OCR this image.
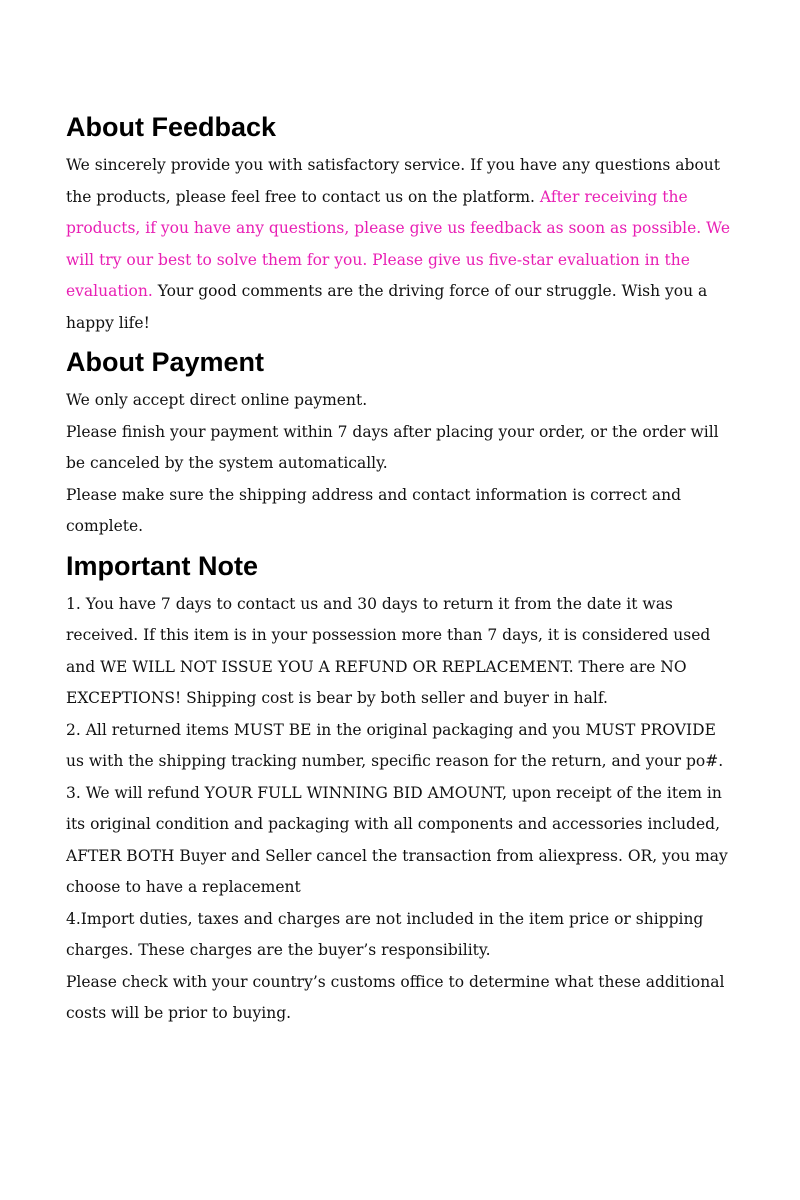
About Feedback

We sincerely provide you with satisfactory service. If you have any questions about the products, please feel free to contact us on the platform. After receiving the products, if you have any questions, please give us feedback as soon as possible. We will try our best to solve them for you. Please give us five-star evaluation in the evaluation. Your good comments are the driving force of our struggle. Wish you a happy life!

About Payment

We only accept direct online payment.

Please finish your payment within 7 days after placing your order, or the order will be canceled by the system automatically.

Please make sure the shipping address and contact information is correct and complete.

Important Note

1. You have 7 days to contact us and 30 days to return it from the date it was received. If this item is in your possession more than 7 days, it is considered used and WE WILL NOT ISSUE YOU A REFUND OR REPLACEMENT. There are NO EXCEPTIONS! Shipping cost is bear by both seller and buyer in half.

2. All returned items MUST BE in the original packaging and you MUST PROVIDE us with the shipping tracking number, specific reason for the return, and your po#.

3. We will refund YOUR FULL WINNING BID AMOUNT, upon receipt of the item in its original condition and packaging with all components and accessories included, AFTER BOTH Buyer and Seller cancel the transaction from aliexpress. OR, you may choose to have a replacement

4.Import duties, taxes and charges are not included in the item price or shipping charges. These charges are the buyer’s responsibility.

Please check with your country’s customs office to determine what these additional costs will be prior to buying.
